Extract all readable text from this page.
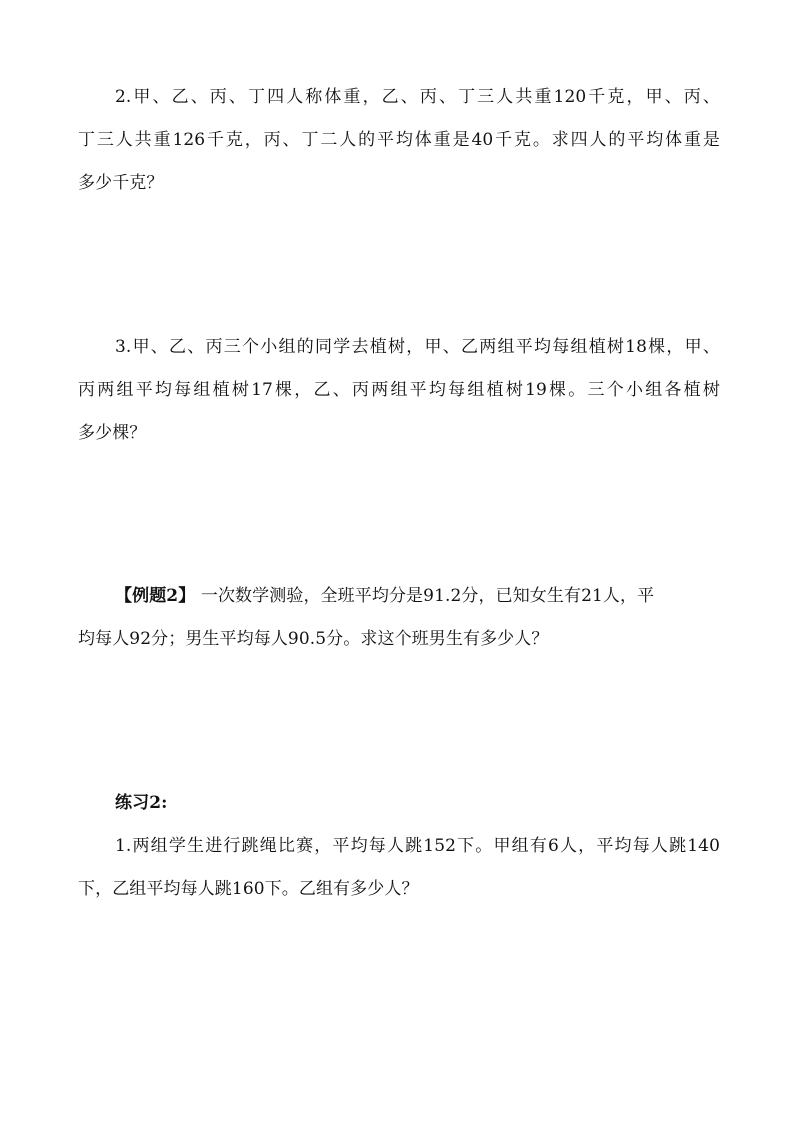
2.甲、乙、丙、丁四人称体重，乙、丙、丁三人共重120千克，甲、丙、
丁三人共重126千克，丙、丁二人的平均体重是40千克。求四人的平均体重是
多少千克？
3.甲、乙、丙三个小组的同学去植树，甲、乙两组平均每组植树18棵，甲、
丙两组平均每组植树17棵，乙、丙两组平均每组植树19棵。三个小组各植树
多少棵？
【例题2】 一次数学测验，全班平均分是91.2分，已知女生有21人，平
均每人92分；男生平均每人90.5分。求这个班男生有多少人？
练习2:
1.两组学生进行跳绳比赛，平均每人跳152下。甲组有6人，平均每人跳140
下，乙组平均每人跳160下。乙组有多少人？
